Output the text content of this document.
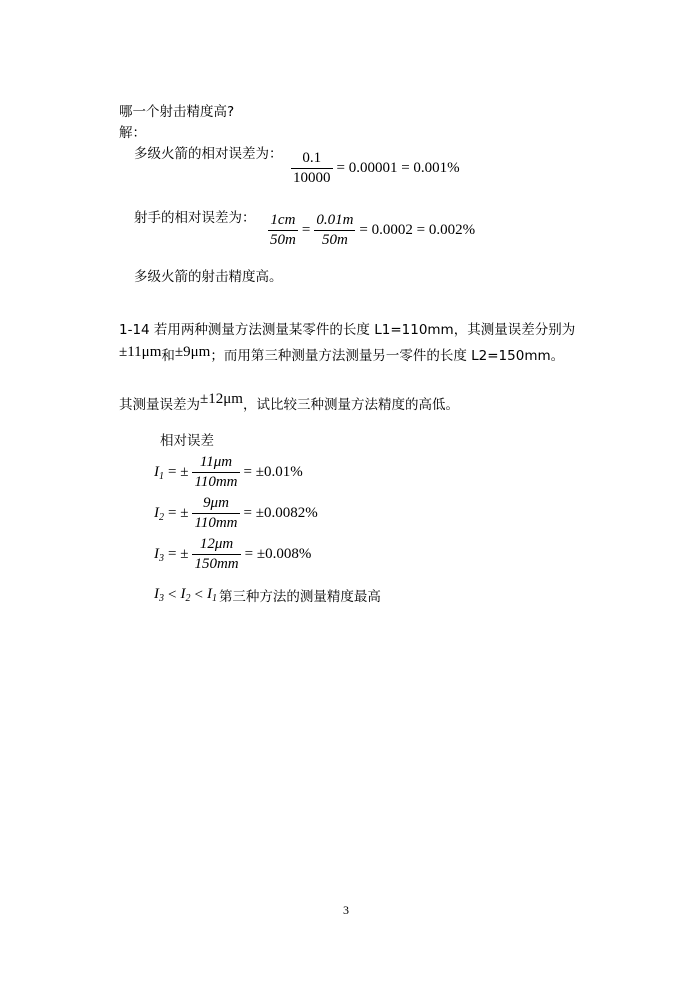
哪一个射击精度高?
解：
多级火箭的相对误差为： $\frac{0.1}{10000} = 0.00001 = 0.001\%$
射手的相对误差为： $\frac{1cm}{50m} = \frac{0.01m}{50m} = 0.0002 = 0.002\%$
多级火箭的射击精度高。
1-14 若用两种测量方法测量某零件的长度 L1=110mm，其测量误差分别为
±11μm和±9μm；而用第三种测量方法测量另一零件的长度 L2=150mm。
其测量误差为±12μm，试比较三种测量方法精度的高低。
相对误差
$I_1$ = ± $\frac{11\mu m}{110mm} = \pm 0.01\%$
$I_2$ = ± $\frac{9\mu m}{110mm} = \pm 0.0082\%$
$I_3$ = ± $\frac{12\mu m}{150mm} = \pm 0.008\%$
$I_3 < I_2 < I_1$ 第三种方法的测量精度最高
3
